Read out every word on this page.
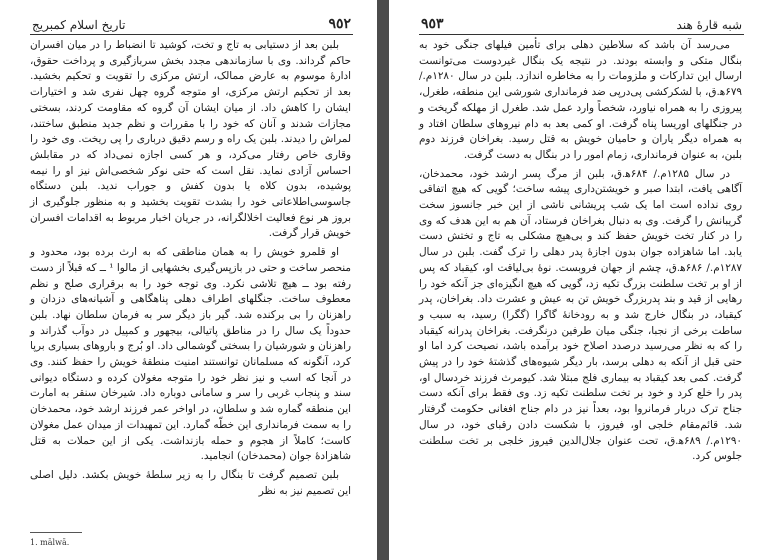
٩٥٢
تاریخ اسلام کمبریج

بلبن بعد از دستیابی به تاج و تخت، کوشید تا انضباط را در میان افسران حاکم گرداند. وی با سازماندهی مجدد بخش سربازگیری و پرداخت حقوق، ادارۀ موسوم به عارض ممالک، ارتش مرکزی را تقویت و تحکیم بخشید. بعد از تحکیم ارتش مرکزی، او متوجه گروه چهل نفری شد و اختیارات ایشان را کاهش داد. از میان ایشان آن گروه که مقاومت کردند، بسختی مجازات شدند و آنان که خود را با مقررات و نظم جدید منطبق ساختند، لمراش را دیدند. بلبن یک راه و رسم دقیق درباری را پی ریخت. وی خود را وقاری خاص رفتار می‌کرد، و هر کسی اجازه نمی‌داد که در مقابلش احساس آزادی نماید. نقل است که حتی نوکر شخصی‌اش نیز او را نیمه پوشیده، بدون کلاه یا بدون کفش و جوراب ندید. بلبن دستگاه جاسوسی‌اطلاعاتی خود را بشدت تقویت بخشید و به منظور جلوگیری از بروز هر نوع فعالیت اخلالگرانه، در جریان اخبار مربوط به اقدامات افسران خویش قرار گرفت.

او قلمرو خویش را به همان مناطقی که به ارث برده بود، محدود و منحصر ساخت و حتی در بازپس‌گیری بخشهایی از مالوا ¹ ــ که قبلاً از دست رفته بود ــ هیچ تلاشی نکرد. وی توجه خود را به برقراری صلح و نظم معطوف ساخت. جنگلهای اطراف دهلی پناهگاهی و آشیانه‌های دزدان و راهزنان را بی برکنده شد. گیر باز دیگر سر به فرمان سلطان نهاد. بلبن حدوداً یک سال را در مناطق پاتیالی، بیجهور و کمپیل در دوآب گذراند و راهزنان و شورشیان را بسختی گوشمالی داد. او بُرج و باروهای بسیاری برپا کرد، آنگونه که مسلمانان توانستند امنیت منطقۀ خویش را حفظ کنند. وی در آنجا که اسب و نیز نظر خود را متوجه مغولان کرده و دستگاه دیوانی سند و پنجاب غربی را سر و سامانی دوباره داد. شیرخان سنقر به امارت این منطقه گماره شد و سلطان، در اواخر عمر فرزند ارشد خود، محمدخان را به سمت فرمانداری این خطّه گمارد. این تمهیدات از میدان عمل مغولان کاست؛ کاملاً از هجوم و حمله بازنداشت. یکی از این حملات به قتل شاهزادۀ جوان (محمدخان) انجامید.

بلبن تصمیم گرفت تا بنگال را به زیر سلطۀ خویش بکشد. دلیل اصلی این تصمیم نیز به نظر

1. mālwā.
شبه قارۀ هند
٩٥٣

می‌رسد آن باشد که سلاطین دهلی برای تأمین فیلهای جنگی خود به بنگال متکی و وابسته بودند. در نتیجه یک بنگال غیردوست می‌توانست ارسال این تدارکات و ملزومات را به مخاطره اندازد. بلبن در سال ۱۲۸۰م./ ۶۷۹ه‍.ق، با لشکرکشی پی‌درپی ضد فرمانداری شورشی این منطقه، طغرل، پیروزی را به همراه نیاورد، شخصاً وارد عمل شد. طغرل از مهلکه گریخت و در جنگلهای اوریسا پناه گرفت. او کمی بعد به دام نیروهای سلطان افتاد و به همراه دیگر یاران و حامیان خویش به قتل رسید. بغراخان فرزند دوم بلبن، به عنوان فرمانداری، زمام امور را در بنگال به دست گرفت.

در سال ۱۲۸۵م./ ۶۸۴ه‍.ق، بلبن از مرگ پسر ارشد خود، محمدخان، آگاهی یافت، ابتدا صبر و خویشتن‌داری پیشه ساخت؛ گویی که هیچ اتفاقی روی نداده است اما یک شب پریشانی ناشی از این خبر جانسوز سخت گریبانش را گرفت. وی به دنبال بغراخان فرستاد، آن هم به این هدف که وی را در کنار تخت خویش حفظ کند و بی‌هیچ مشکلی به تاج و تختش دست یابد. اما شاهزاده جوان بدون اجازۀ پدر دهلی را ترک گفت. بلبن در سال ۱۲۸۷م./ ۶۸۶ه‍.ق، چشم از جهان فروبست. نوۀ بی‌لیاقت او، کیقباد که پس از او بر تخت سلطنت بزرگ تکیه زد، گویی که هیچ انگیزه‌ای جز آنکه خود را رهایی از قید و بند پدربزرگ خویش تن به عیش و عشرت داد. بغراخان، پدر کیقباد، در بنگال خارج شد و به رودخانۀ گاگرا (گگرا) رسید، به سبب و ساطت برخی از نجبا، جنگی میان طرفین درنگرفت. بغراخان پدرانه کیقباد را که به نظر می‌رسید درصدد اصلاح خود برآمده باشد، نصیحت کرد اما او حتی قبل از آنکه به دهلی برسد، بار دیگر شیوه‌های گذشتۀ خود را در پیش گرفت. کمی بعد کیقباد به بیماری فلج مبتلا شد. کیومرث فرزند خردسال او، پدر را خلع کرد و خود بر تخت سلطنت تکیه زد. وی فقط برای آنکه دست جناح ترک دربار فرمانروا بود، بعداً نیز در دام جناح افغانی حکومت گرفتار شد. قائم‌مقام خلجی او، فیروز، با شکست دادن رقبای خود، در سال ۱۲۹۰م./ ۶۸۹ه‍.ق، تحت عنوان جلال‌الدین فیروز خلجی بر تخت سلطنت جلوس کرد.
